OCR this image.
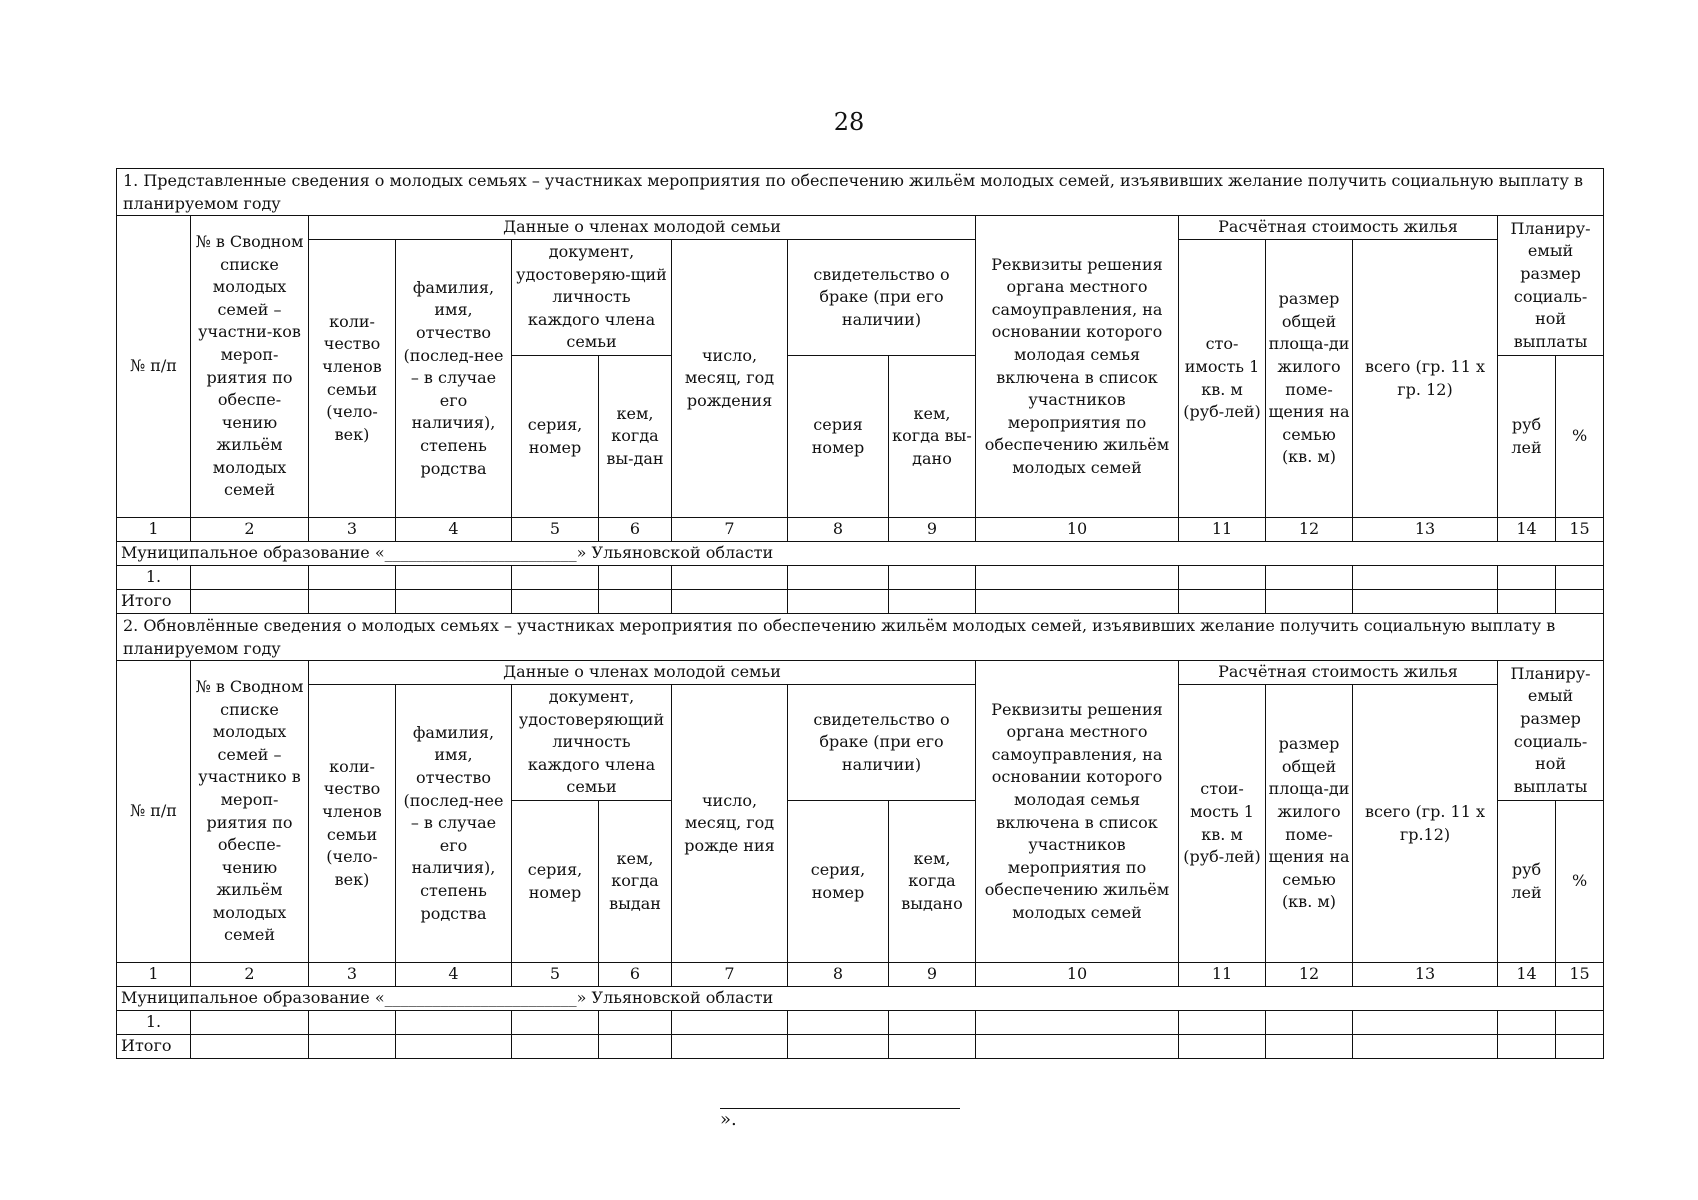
28
1. Представленные сведения о молодых семьях – участниках мероприятия по обеспечению жильём молодых семей, изъявивших желание получить социальную выплату в планируемом году														
№ п/п	№ в Сводном списке молодых семей – участни-ков мероп-риятия по обеспе-чению жильём молодых семей	Данные о членах молодой семьи							Реквизиты решения органа местного самоуправления, на основании которого молодая семья включена в список участников мероприятия по обеспечению жильём молодых семей	Расчётная стоимость жилья			Планиру-емый размер социаль-ной выплаты	
		коли-чество членов семьи (чело-век)	фамилия, имя, отчество (послед-нее – в случае его наличия), степень родства	документ, удостоверяю-щий личность каждого члена семьи		число, месяц, год рождения	свидетельство о браке (при его наличии)			сто-имость 1 кв. м (руб-лей)	размер общей площа-ди жилого поме-щения на семью (кв. м)	всего (гр. 11 х гр. 12)		
				серия, номер	кем, когда вы-дан		серия номер	кем, когда вы-дано					руб лей	%

1	2	3	4	5	6	7	8	9	10	11	12	13	14	15
Муниципальное образование «________________________» Ульяновской области														
1.														
Итого														
2. Обновлённые сведения о молодых семьях – участниках мероприятия по обеспечению жильём молодых семей, изъявивших желание получить социальную выплату в планируемом году														
№ п/п	№ в Сводном списке молодых семей – участнико в мероп-риятия по обеспе-чению жильём молодых семей	Данные о членах молодой семьи							Реквизиты решения органа местного самоуправления, на основании которого молодая семья включена в список участников мероприятия по обеспечению жильём молодых семей	Расчётная стоимость жилья			Планиру-емый размер социаль-ной выплаты	
		коли-чество членов семьи (чело-век)	фамилия, имя, отчество (послед-нее – в случае его наличия), степень родства	документ, удостоверяющий личность каждого члена семьи		число, месяц, год рожде ния	свидетельство о браке (при его наличии)			стои-мость 1 кв. м (руб-лей)	размер общей площа-ди жилого поме-щения на семью (кв. м)	всего (гр. 11 х гр.12)		
				серия, номер	кем, когда выдан		серия, номер	кем, когда выдано					руб лей	%

1	2	3	4	5	6	7	8	9	10	11	12	13	14	15
Муниципальное образование «________________________» Ульяновской области														
1.														
Итого														
».
